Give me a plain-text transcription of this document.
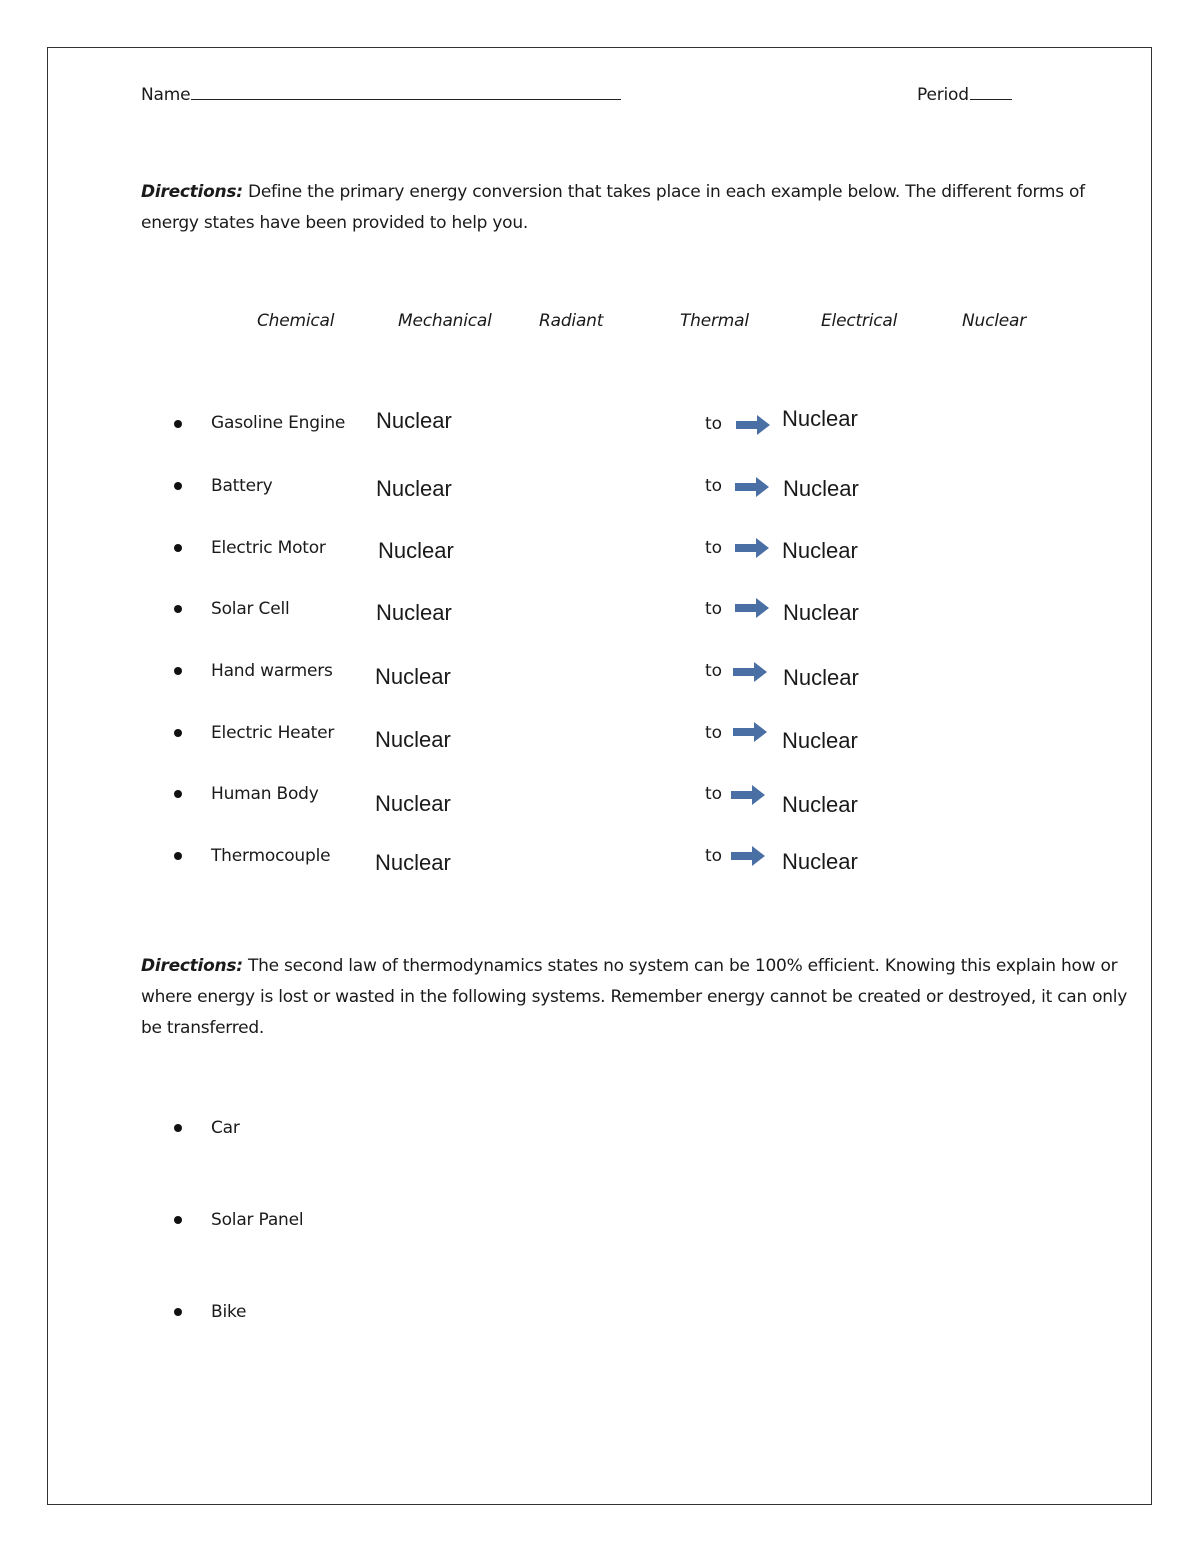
Name	Period
Directions: Define the primary energy conversion that takes place in each example below. The different forms of energy states have been provided to help you.
Chemical	Mechanical	Radiant	Thermal	Electrical	Nuclear
Gasoline Engine Nuclear	to	Nuclear
Battery	Nuclear	to	Nuclear
Electric Motor Nuclear	to	Nuclear
Solar Cell	Nuclear	to	Nuclear
Hand warmers Nuclear	to	Nuclear
Electric Heater Nuclear	to	Nuclear
Human Body	Nuclear	to	Nuclear
Thermocouple Nuclear	to	Nuclear
Directions: The second law of thermodynamics states no system can be 100% efficient. Knowing this explain how or where energy is lost or wasted in the following systems. Remember energy cannot be created or destroyed, it can only be transferred.
Car
Solar Panel
Bike
